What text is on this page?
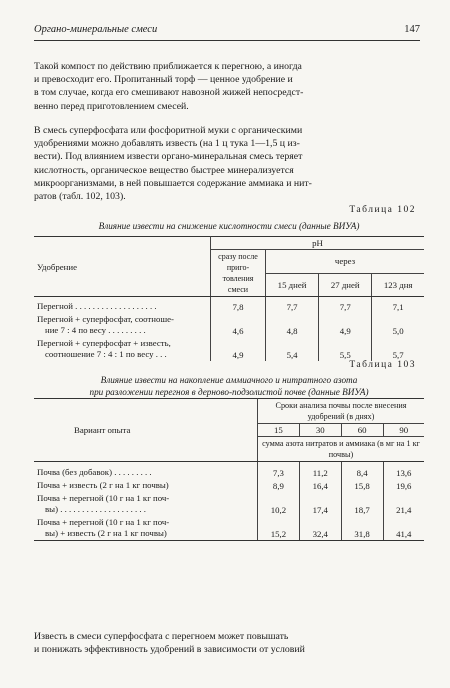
Органо-минеральные смеси	147
Такой компост по действию приближается к перегною, а иногда
и превосходит его. Пропитанный торф — ценное удобрение и
в том случае, когда его смешивают навозной жижей непосредст-
венно перед приготовлением смесей.
В смесь суперфосфата или фосфоритной муки с органическими
удобрениями можно добавлять известь (на 1 ц тука 1—1,5 ц из-
вести). Под влиянием извести органо-минеральная смесь теряет
кислотность, органическое вещество быстрее минерализуется
микроорганизмами, в ней повышается содержание аммиака и нит-
ратов (табл. 102, 103).
Таблица 102
Влияние извести на снижение кислотности смеси (данные ВИУА)
Удобрение	pH			
	сразу после приго-товления смеси	через		
		15 дней	27 дней	123 дня
Перегной . . . . . . . . . . . . . . . . . . .	7,8	7,7	7,7	7,1
Перегной + суперфосфат, соотноше-
ние 7 : 4 по весу . . . . . . . . .	4,6	4,8	4,9	5,0
Перегной + суперфосфат + известь,
соотношение 7 : 4 : 1 по весу . . .	4,9	5,4	5,5	5,7
Таблица 103
Влияние извести на накопление аммиачного и нитратного азота
при разложении перегноя в дерново-подзолистой почве (данные ВИУА)
Вариант опыта	Сроки анализа почвы после внесения удобрений (в днях)			
	15	30	60	90
	сумма азота нитратов и аммиака (в мг на 1 кг почвы)			
Почва (без добавок) . . . . . . . . .	7,3	11,2	8,4	13,6
Почва + известь (2 г на 1 кг почвы)	8,9	16,4	15,8	19,6
Почва + перегной (10 г на 1 кг поч-
вы) . . . . . . . . . . . . . . . . . . . .	10,2	17,4	18,7	21,4
Почва + перегной (10 г на 1 кг поч-
вы) + известь (2 г на 1 кг почвы)	15,2	32,4	31,8	41,4
Известь в смеси суперфосфата с перегноем может повышать
и понижать эффективность удобрений в зависимости от условий
